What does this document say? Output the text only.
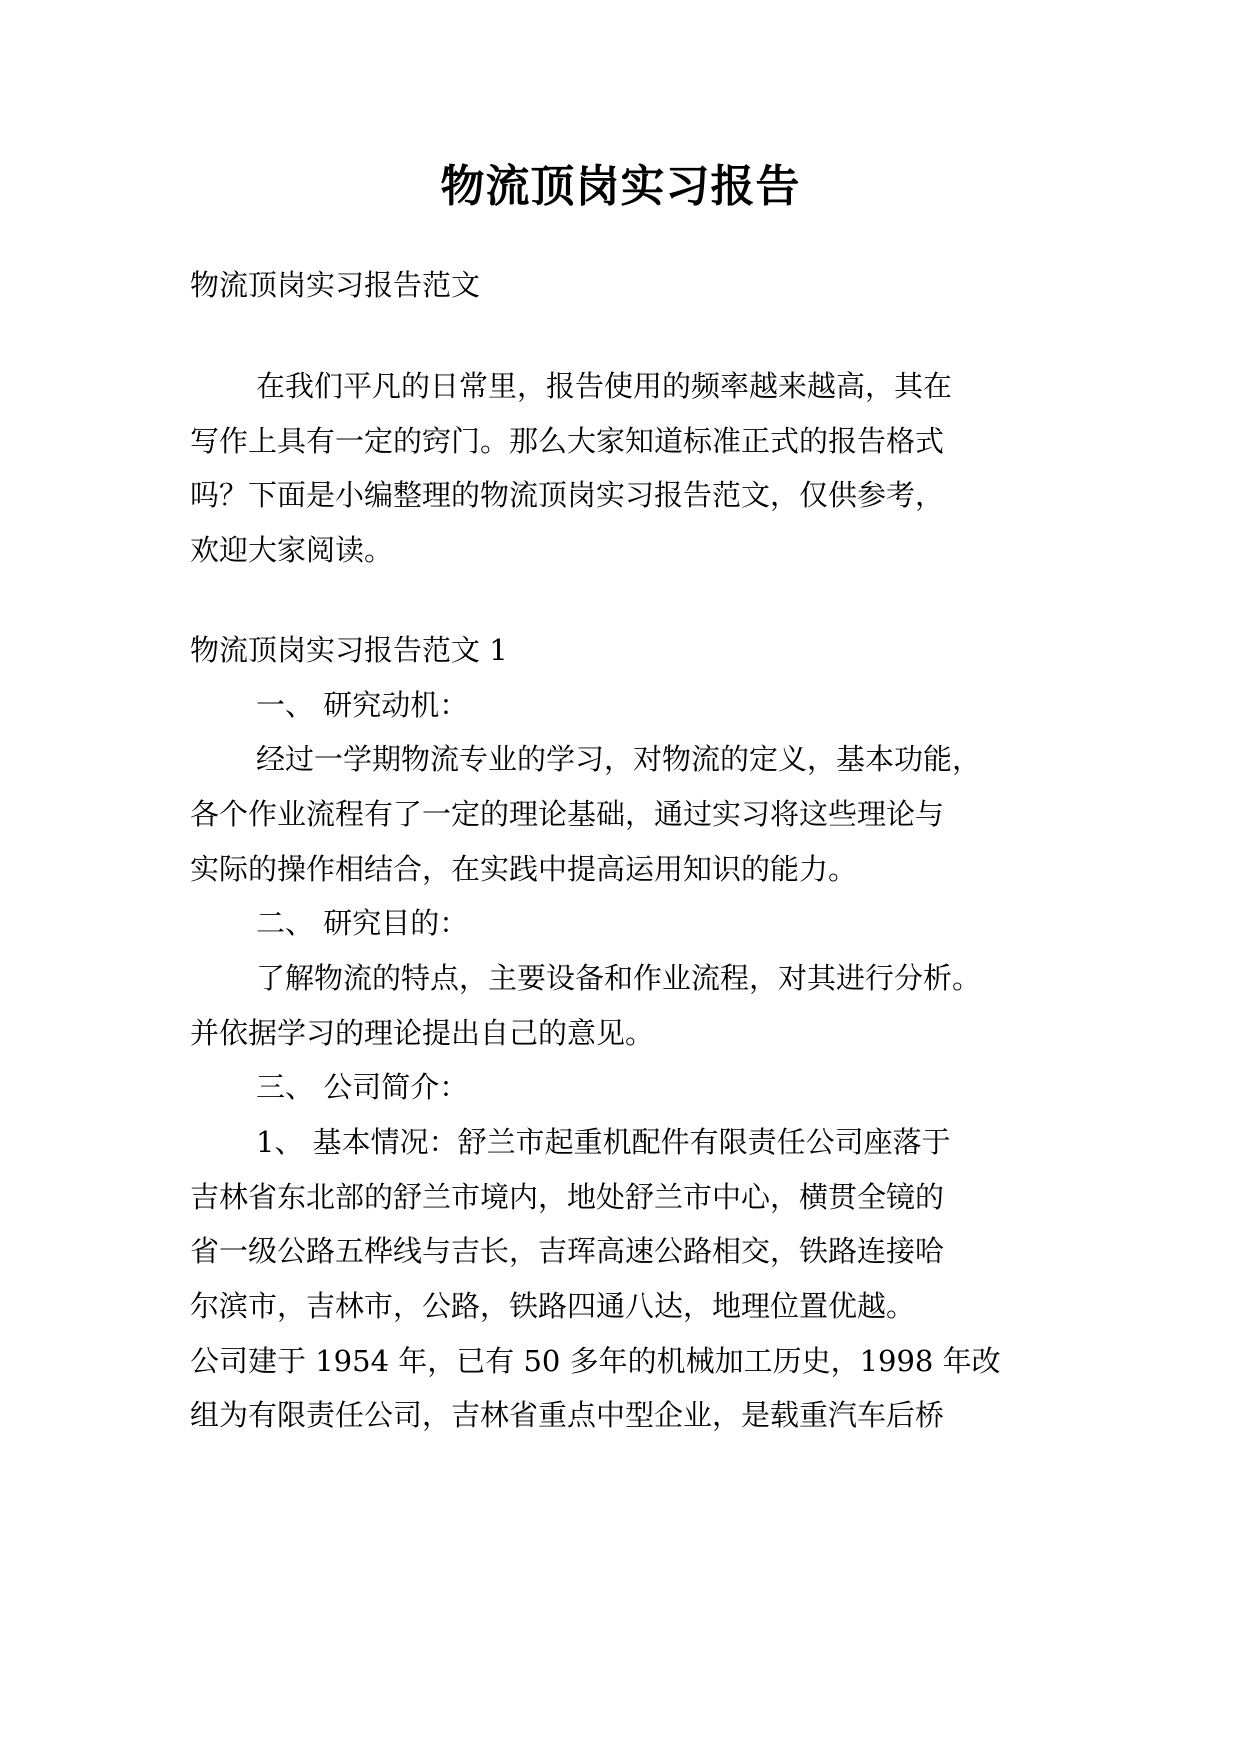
物流顶岗实习报告
物流顶岗实习报告范文
在我们平凡的日常里，报告使用的频率越来越高，其在
写作上具有一定的窍门。那么大家知道标准正式的报告格式
吗？下面是小编整理的物流顶岗实习报告范文，仅供参考，
欢迎大家阅读。
物流顶岗实习报告范文 1
一、 研究动机：
经过一学期物流专业的学习，对物流的定义，基本功能，
各个作业流程有了一定的理论基础，通过实习将这些理论与
实际的操作相结合，在实践中提高运用知识的能力。
二、 研究目的：
了解物流的特点，主要设备和作业流程，对其进行分析。
并依据学习的理论提出自己的意见。
三、 公司简介：
1、 基本情况：舒兰市起重机配件有限责任公司座落于
吉林省东北部的舒兰市境内，地处舒兰市中心，横贯全镜的
省一级公路五桦线与吉长，吉珲高速公路相交，铁路连接哈
尔滨市，吉林市，公路，铁路四通八达，地理位置优越。
公司建于 1954 年，已有 50 多年的机械加工历史，1998 年改
组为有限责任公司，吉林省重点中型企业，是载重汽车后桥
